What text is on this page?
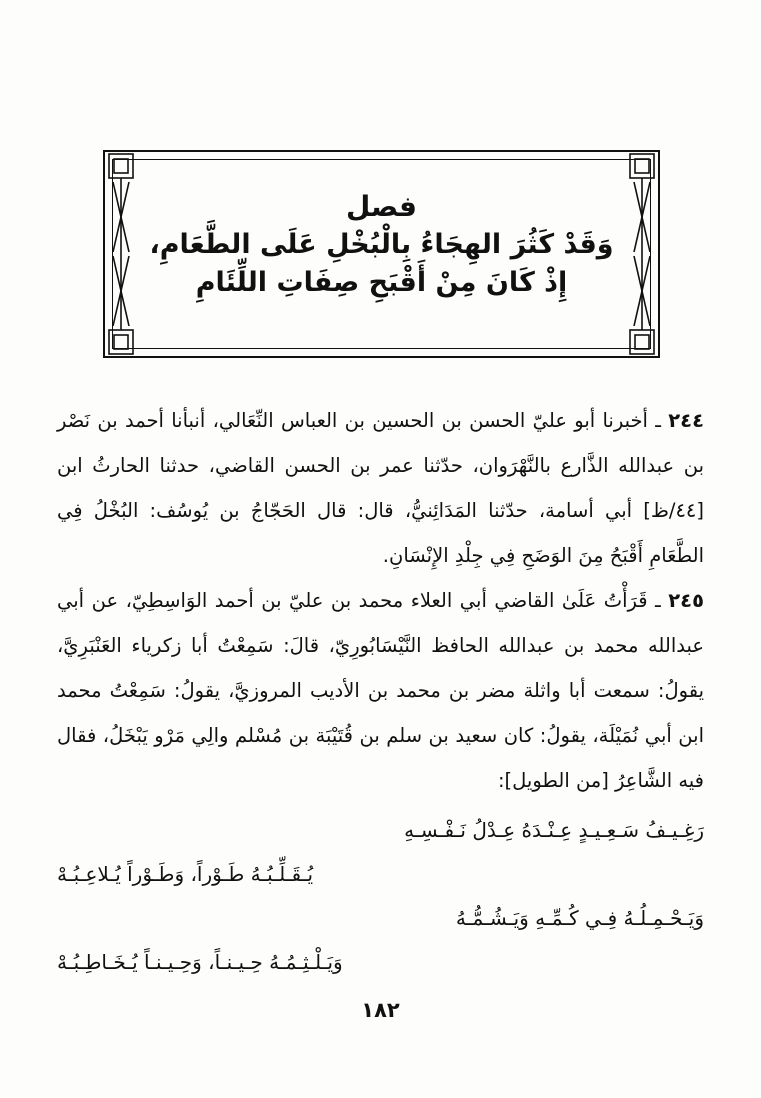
فصل
وَقَدْ كَثُرَ الهِجَاءُ بِالْبُخْلِ عَلَى الطَّعَامِ،
إِذْ كَانَ مِنْ أَقْبَحِ صِفَاتِ اللِّئَامِ
٢٤٤ ـ أخبرنا أبو عليّ الحسن بن الحسين بن العباس النِّعَالي، أنبأنا أحمد بن نَصْر بن عبدالله الذَّارع بالنَّهْرَوان، حدّثنا عمر بن الحسن القاضي، حدثنا الحارثُ ابن [٤٤/ظ] أبي أسامة، حدّثنا المَدَائِنيُّ، قال: قال الحَجّاجُ بن يُوسُف: البُخْلُ فِي الطَّعَامِ أَقْبَحُ مِنَ الوَضَحِ فِي جِلْدِ الإِنْسَانِ.
٢٤٥ ـ قَرَأْتُ عَلَىٰ القاضي أبي العلاء محمد بن عليّ بن أحمد الوَاسِطِيّ، عن أبي عبدالله محمد بن عبدالله الحافظ النَّيْسَابُورِيّ، قالَ: سَمِعْتُ أبا زكرياء العَنْبَرِيَّ، يقولُ: سمعت أبا واثلة مضر بن محمد بن الأديب المروزيَّ، يقولُ: سَمِعْتُ محمد ابن أبي نُمَيْلَة، يقولُ: كان سعيد بن سلم بن قُتَيْبَة بن مُسْلم والِي مَرْو يَبْخَلُ، فقال فيه الشَّاعِرُ [من الطويل]:
رَغِـيـفُ سَـعِـيـدٍ عِـنْـدَهُ عِـدْلُ نَـفْـسِـهِ
يُـقَـلِّـبُـهُ طَـوْراً، وَطَـوْراً يُـلاعِـبُـهْ
وَيَـحْـمِـلُـهُ فِـي كُـمِّـهِ وَيَـشُـمُّـهُ
وَيَـلْـثِـمُـهُ حِـيـنـاً، وَحِـيـنـاً يُـخَـاطِـبُـهْ
١٨٢
